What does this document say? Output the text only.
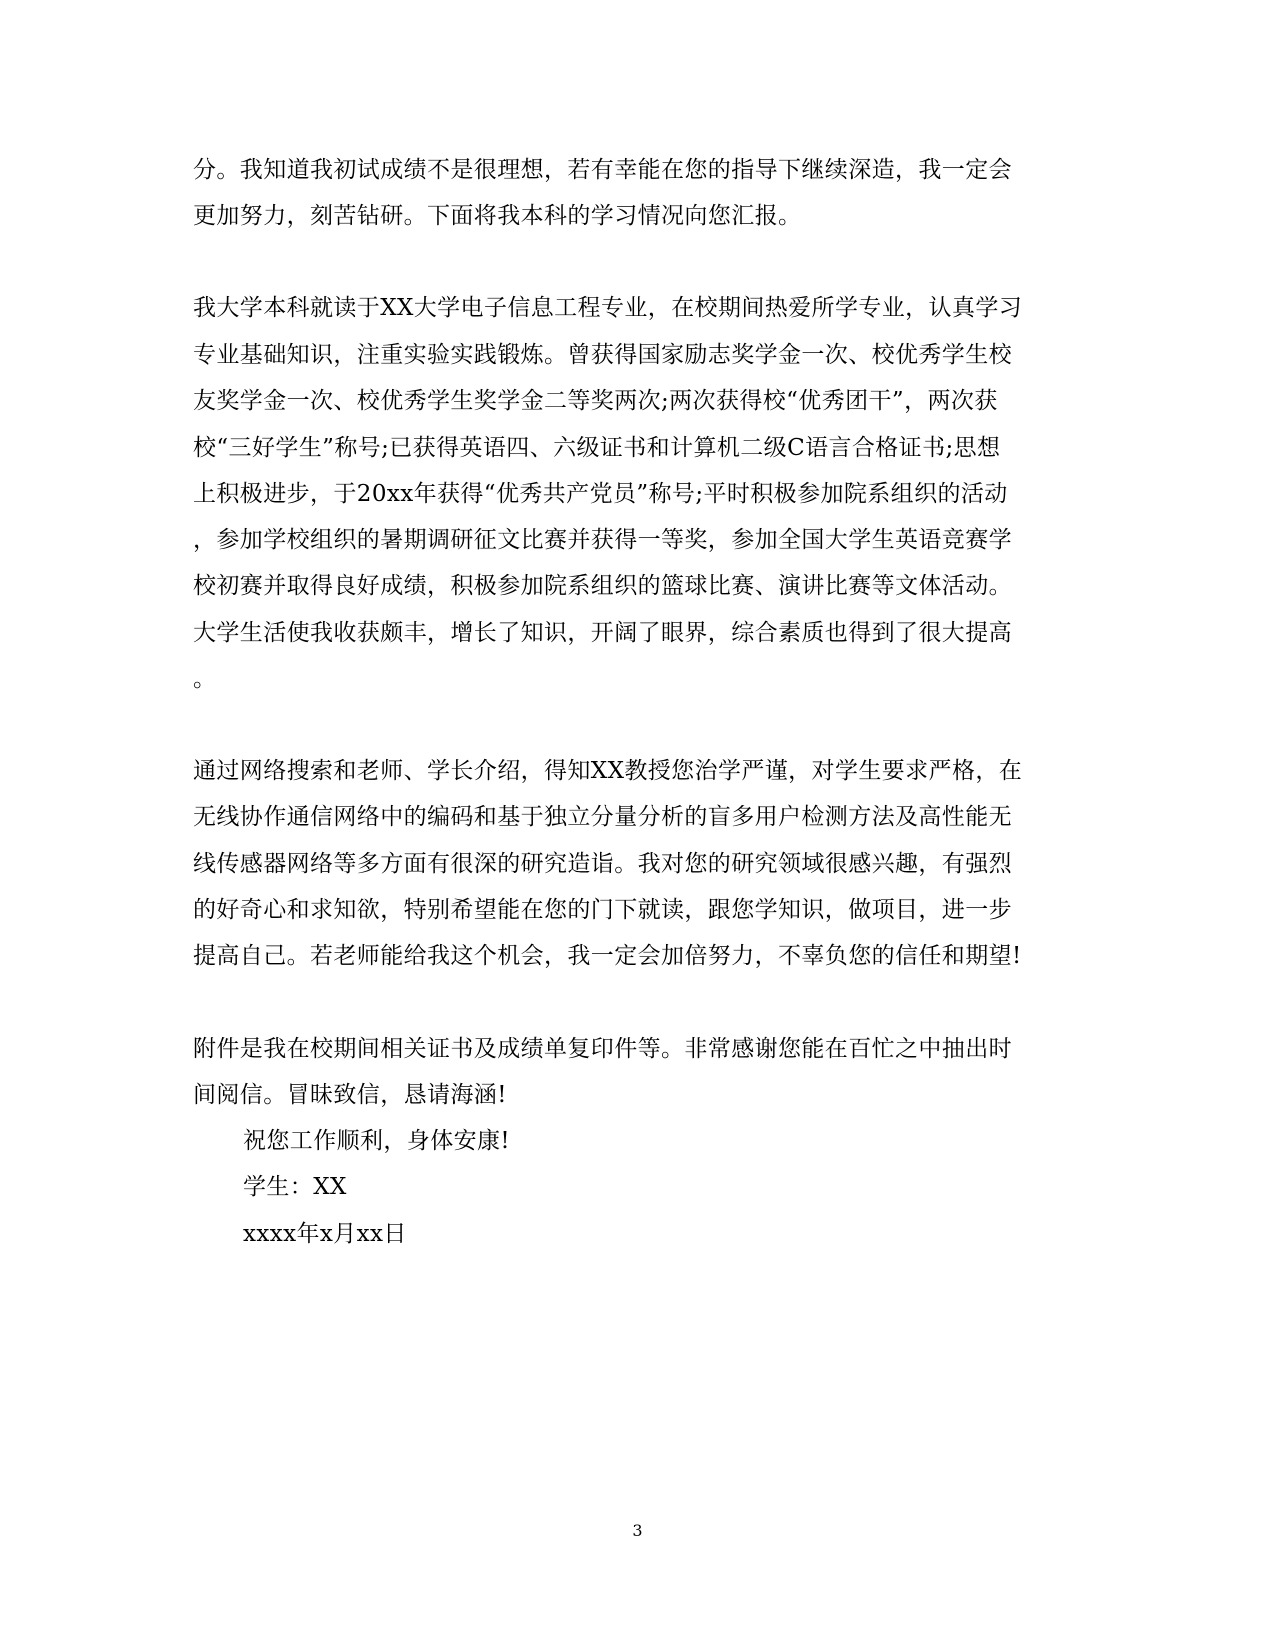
分。我知道我初试成绩不是很理想，若有幸能在您的指导下继续深造，我一定会
更加努力，刻苦钻研。下面将我本科的学习情况向您汇报。
我大学本科就读于XX大学电子信息工程专业，在校期间热爱所学专业，认真学习
专业基础知识，注重实验实践锻炼。曾获得国家励志奖学金一次、校优秀学生校
友奖学金一次、校优秀学生奖学金二等奖两次;两次获得校“优秀团干”，两次获
校“三好学生”称号;已获得英语四、六级证书和计算机二级C语言合格证书;思想
上积极进步，于20xx年获得“优秀共产党员”称号;平时积极参加院系组织的活动
，参加学校组织的暑期调研征文比赛并获得一等奖，参加全国大学生英语竞赛学
校初赛并取得良好成绩，积极参加院系组织的篮球比赛、演讲比赛等文体活动。
大学生活使我收获颇丰，增长了知识，开阔了眼界，综合素质也得到了很大提高
。
通过网络搜索和老师、学长介绍，得知XX教授您治学严谨，对学生要求严格，在
无线协作通信网络中的编码和基于独立分量分析的盲多用户检测方法及高性能无
线传感器网络等多方面有很深的研究造诣。我对您的研究领域很感兴趣，有强烈
的好奇心和求知欲，特别希望能在您的门下就读，跟您学知识，做项目，进一步
提高自己。若老师能给我这个机会，我一定会加倍努力，不辜负您的信任和期望!
附件是我在校期间相关证书及成绩单复印件等。非常感谢您能在百忙之中抽出时
间阅信。冒昧致信，恳请海涵!
祝您工作顺利，身体安康!
学生：XX
xxxx年x月xx日
3
